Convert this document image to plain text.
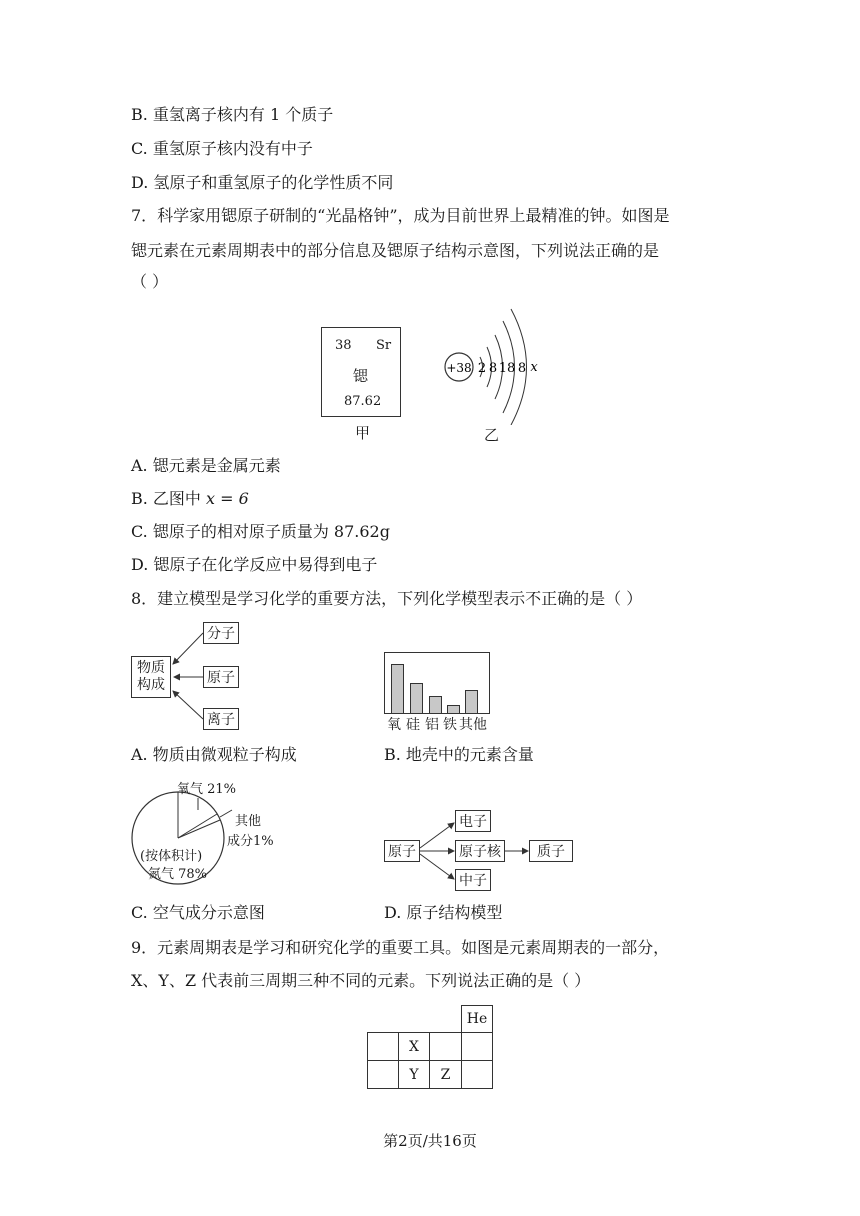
B. 重氢离子核内有 1 个质子
C. 重氢原子核内没有中子
D. 氢原子和重氢原子的化学性质不同
7．科学家用锶原子研制的“光晶格钟”，成为目前世界上最精准的钟。如图是
锶元素在元素周期表中的部分信息及锶原子结构示意图，下列说法正确的是
（ ）
38 Sr
锶
87.62
甲
+38 2 8 18 8 x
乙
A. 锶元素是金属元素
B. 乙图中 x = 6
C. 锶原子的相对原子质量为 87.62g
D. 锶原子在化学反应中易得到电子
8．建立模型是学习化学的重要方法，下列化学模型表示不正确的是（ ）
物质
构成
分子
原子
离子	氧 硅 铝 铁 其他
A. 物质由微观粒子构成	B. 地壳中的元素含量
氧气 21%
其他
成分1%
(按体积计)
氮气 78%
原子
电子
原子核	质子
中子
C. 空气成分示意图	D. 原子结构模型
9．元素周期表是学习和研究化学的重要工具。如图是元素周期表的一部分，
X、Y、Z 代表前三周期三种不同的元素。下列说法正确的是（ ）
He
X
Y	Z
第2页/共16页
